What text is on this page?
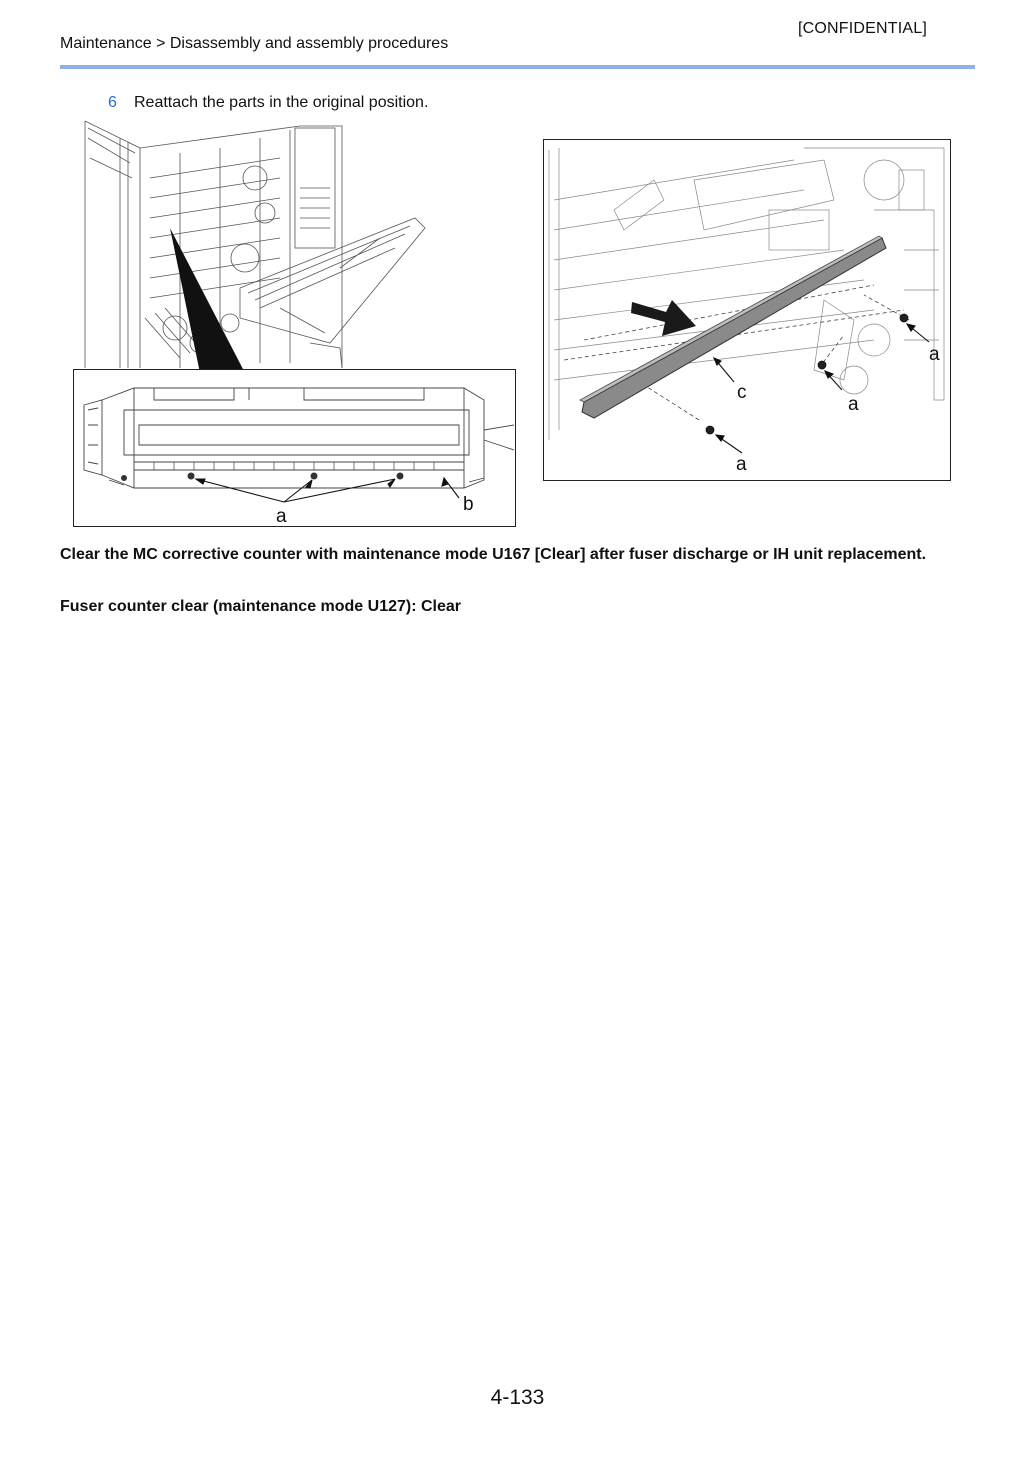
[CONFIDENTIAL]
Maintenance > Disassembly and assembly procedures
6 Reattach the parts in the original position.
a
b
a
a
a
c
Clear the MC corrective counter with maintenance mode U167 [Clear] after fuser discharge or IH unit replacement.
Fuser counter clear (maintenance mode U127): Clear
4-133
